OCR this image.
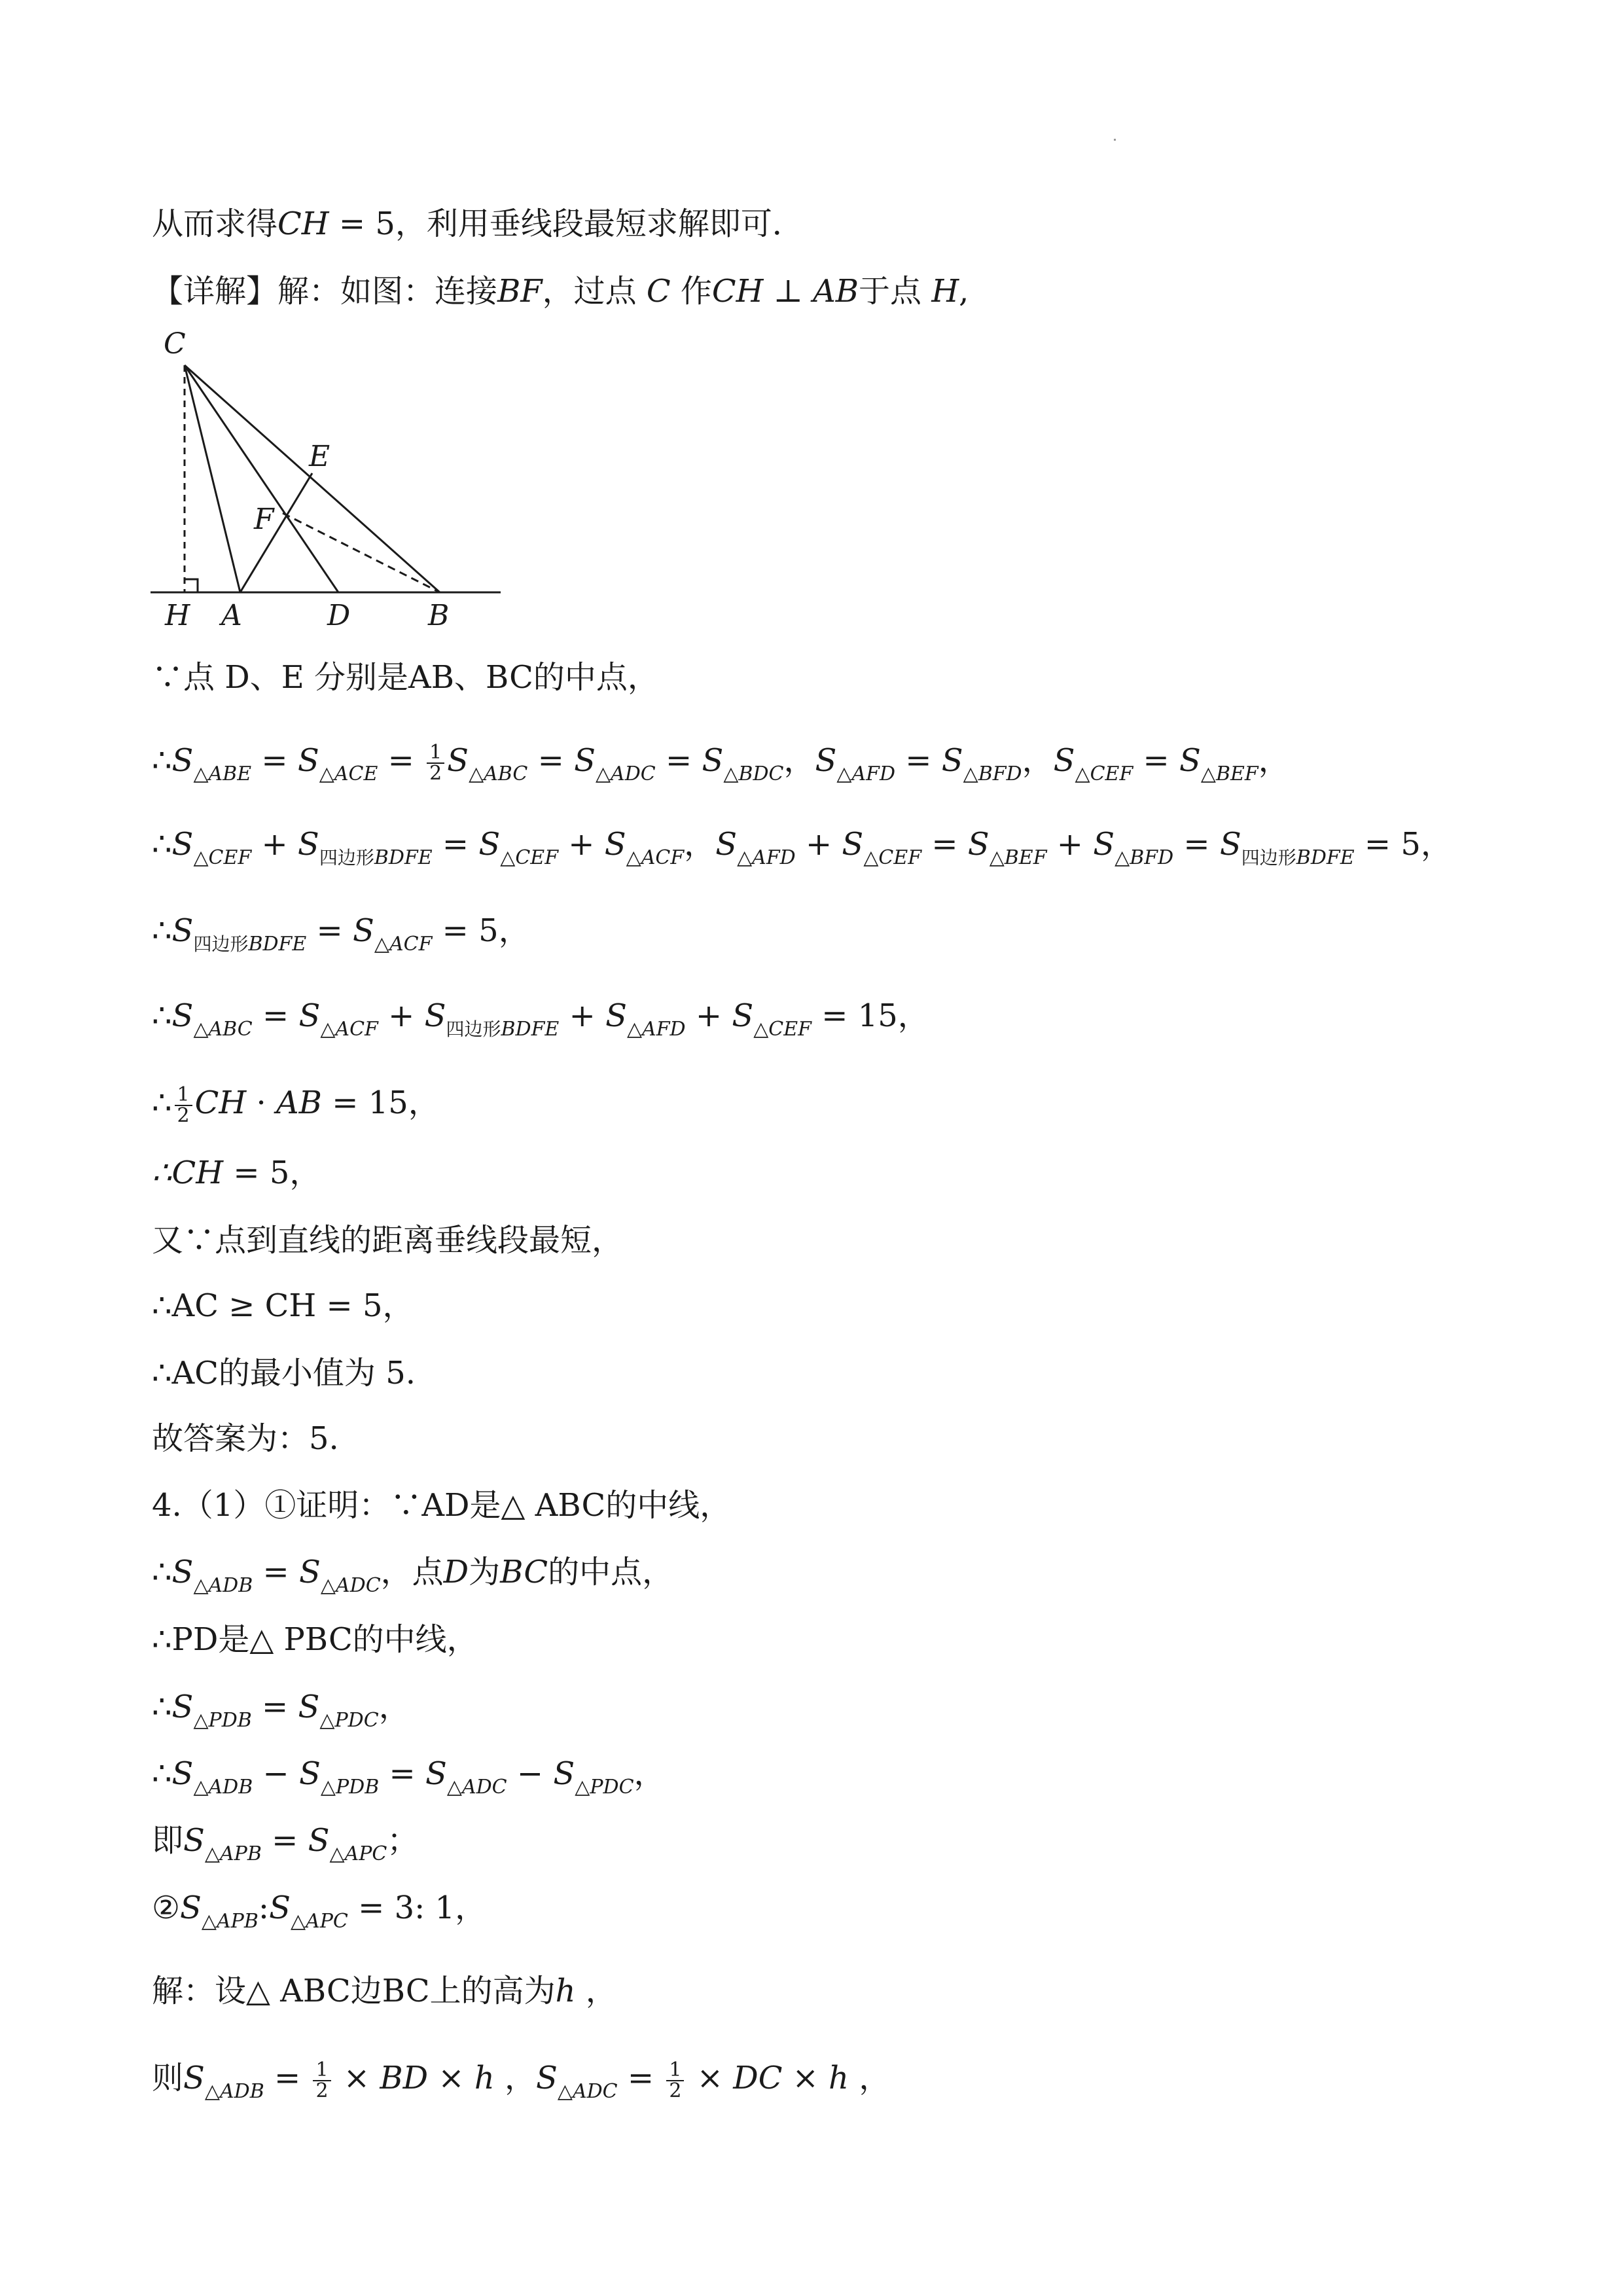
从而求得CH = 5，利用垂线段最短求解即可．
【详解】解：如图：连接BF，过点 C 作CH ⊥ AB于点 H,
C
E
F
H A	D	B
∵点 D、E 分别是AB、BC的中点，
$\therefore S_{\triangle ABE} = S_{\triangle ACE} = \frac{1}{2} S_{\triangle ABC} = S_{\triangle ADC} = S_{\triangle BDC}$，$S_{\triangle AFD} = S_{\triangle BFD}$，$S_{\triangle CEF} = S_{\triangle BEF}$，
$\therefore S_{\triangle CEF} + S_{四边形BDFE} = S_{\triangle CEF} + S_{\triangle ACF}$，$S_{\triangle AFD} + S_{\triangle CEF} = S_{\triangle BEF} + S_{\triangle BFD} = S_{四边形BDFE} = 5$，
$\therefore S_{四边形BDFE} = S_{\triangle ACF} = 5$，
$\therefore S_{\triangle ABC} = S_{\triangle ACF} + S_{四边形BDFE} + S_{\triangle AFD} + S_{\triangle CEF} = 15$，
∴ $\frac{1}{2}$ CH · AB = 15，
∴CH = 5，
又∵点到直线的距离垂线段最短，
∴AC ≥ CH = 5，
∴AC的最小值为 5.
故答案为：5.
4.（1）①证明：∵AD是△ ABC的中线，
$\therefore S_{\triangle ADB} = S_{\triangle ADC}$，点D为BC的中点，
∴PD是△ PBC的中线，
$\therefore S_{\triangle PDB} = S_{\triangle PDC}$，
$\therefore S_{\triangle ADB} - S_{\triangle PDB} = S_{\triangle ADC} - S_{\triangle PDC}$，
即$S_{\triangle APB} = S_{\triangle APC}$；
$②S_{\triangle APB}:S_{\triangle APC} = 3$: 1，
解：设△ ABC边BC上的高为ℎ ，
则$S_{\triangle ADB} = \frac{1}{2}$ × BD × ℎ ，$S_{\triangle ADC} = \frac{1}{2}$ × DC × ℎ ，
